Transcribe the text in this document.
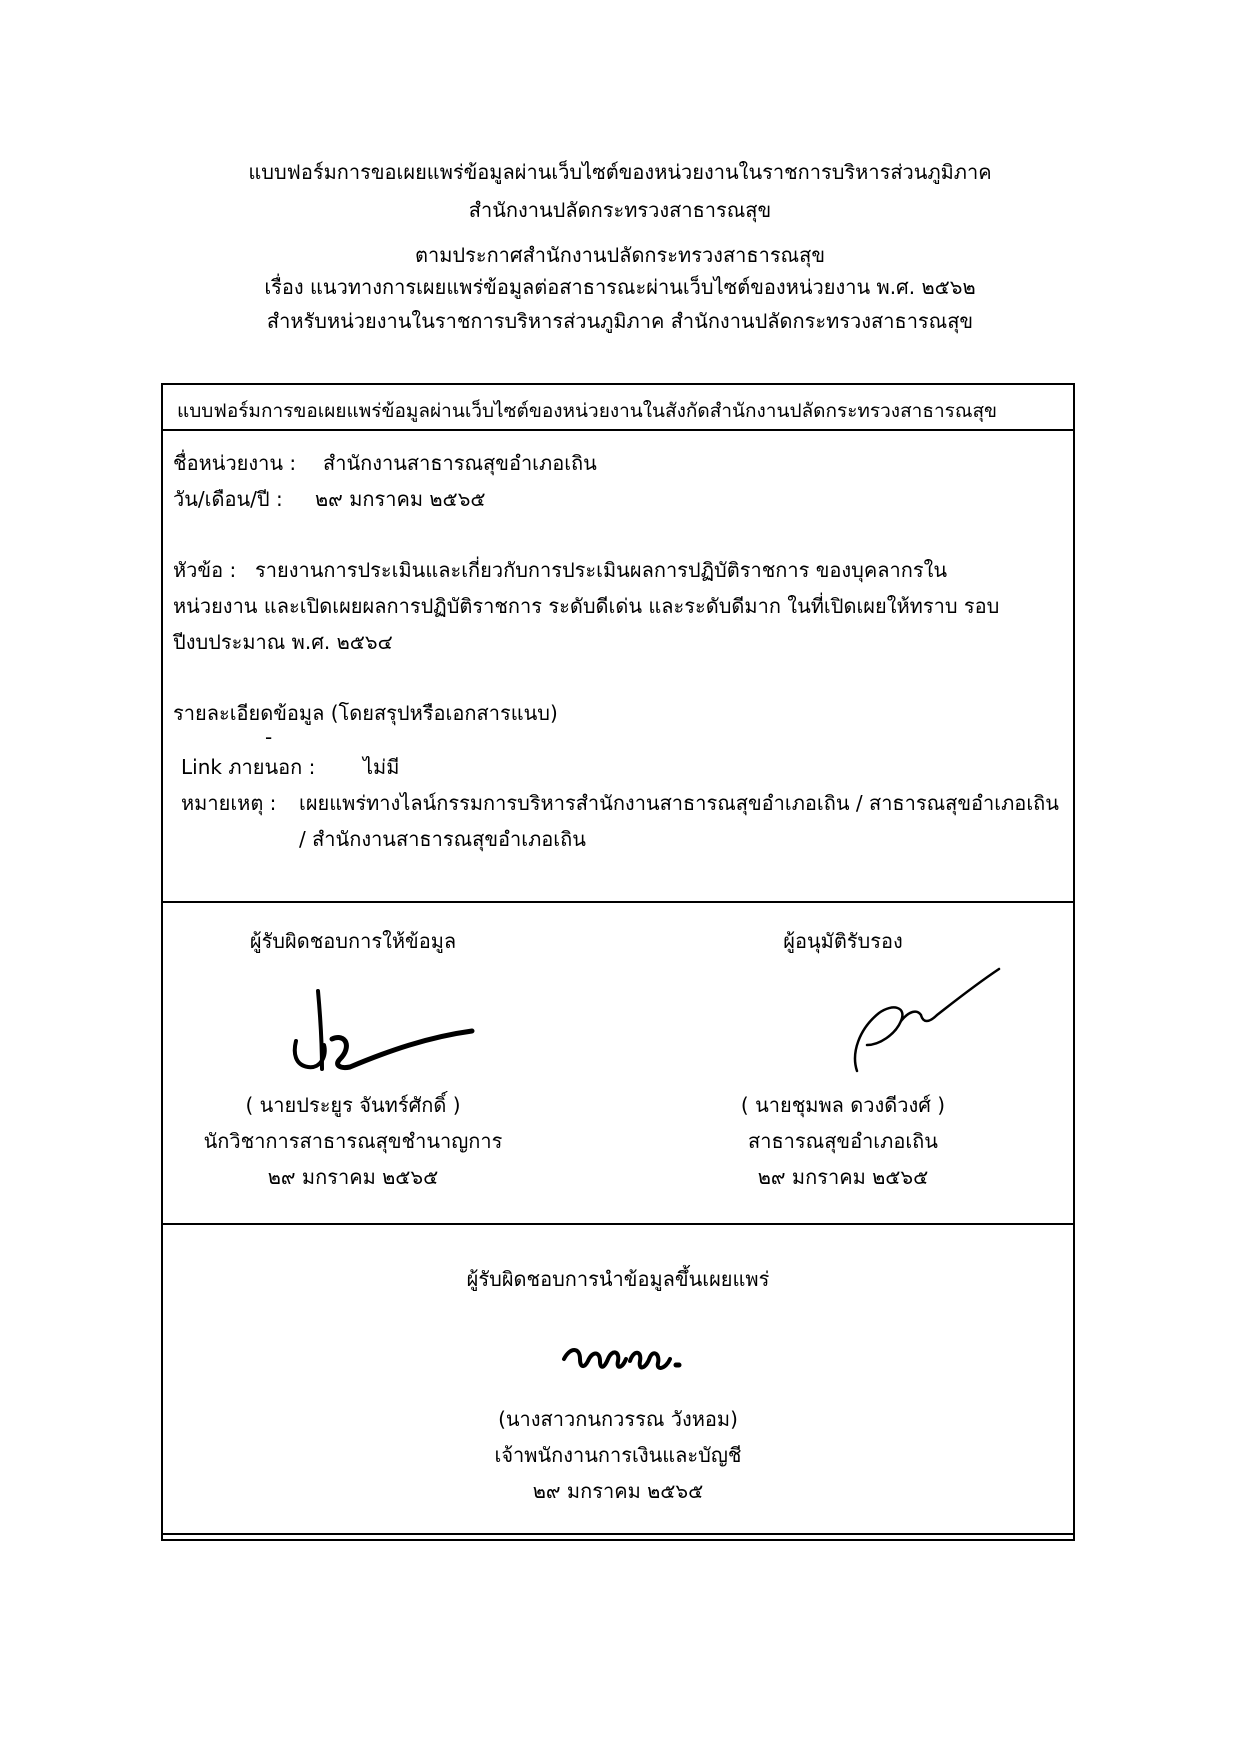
แบบฟอร์มการขอเผยแพร่ข้อมูลผ่านเว็บไซต์ของหน่วยงานในราชการบริหารส่วนภูมิภาค
สำนักงานปลัดกระทรวงสาธารณสุข
ตามประกาศสำนักงานปลัดกระทรวงสาธารณสุข
เรื่อง แนวทางการเผยแพร่ข้อมูลต่อสาธารณะผ่านเว็บไซต์ของหน่วยงาน พ.ศ. ๒๕๖๒
สำหรับหน่วยงานในราชการบริหารส่วนภูมิภาค สำนักงานปลัดกระทรวงสาธารณสุข
แบบฟอร์มการขอเผยแพร่ข้อมูลผ่านเว็บไซต์ของหน่วยงานในสังกัดสำนักงานปลัดกระทรวงสาธารณสุข
ชื่อหน่วยงาน : สำนักงานสาธารณสุขอำเภอเถิน
วัน/เดือน/ปี : ๒๙ มกราคม ๒๕๖๕
หัวข้อ : รายงานการประเมินและเกี่ยวกับการประเมินผลการปฏิบัติราชการ ของบุคลากรใน
หน่วยงาน และเปิดเผยผลการปฏิบัติราชการ ระดับดีเด่น และระดับดีมาก ในที่เปิดเผยให้ทราบ รอบ
ปีงบประมาณ พ.ศ. ๒๕๖๔
รายละเอียดข้อมูล (โดยสรุปหรือเอกสารแนบ)
-
Link ภายนอก : ไม่มี
หมายเหตุ : เผยแพร่ทางไลน์กรรมการบริหารสำนักงานสาธารณสุขอำเภอเถิน / สาธารณสุขอำเภอเถิน
/ สำนักงานสาธารณสุขอำเภอเถิน
ผู้รับผิดชอบการให้ข้อมูล
( นายประยูร จันทร์ศักดิ์ )
นักวิชาการสาธารณสุขชำนาญการ
๒๙ มกราคม ๒๕๖๕
ผู้อนุมัติรับรอง
( นายชุมพล ดวงดีวงศ์ )
สาธารณสุขอำเภอเถิน
๒๙ มกราคม ๒๕๖๕
ผู้รับผิดชอบการนำข้อมูลขึ้นเผยแพร่
(นางสาวกนกวรรณ วังหอม)
เจ้าพนักงานการเงินและบัญชี
๒๙ มกราคม ๒๕๖๕
